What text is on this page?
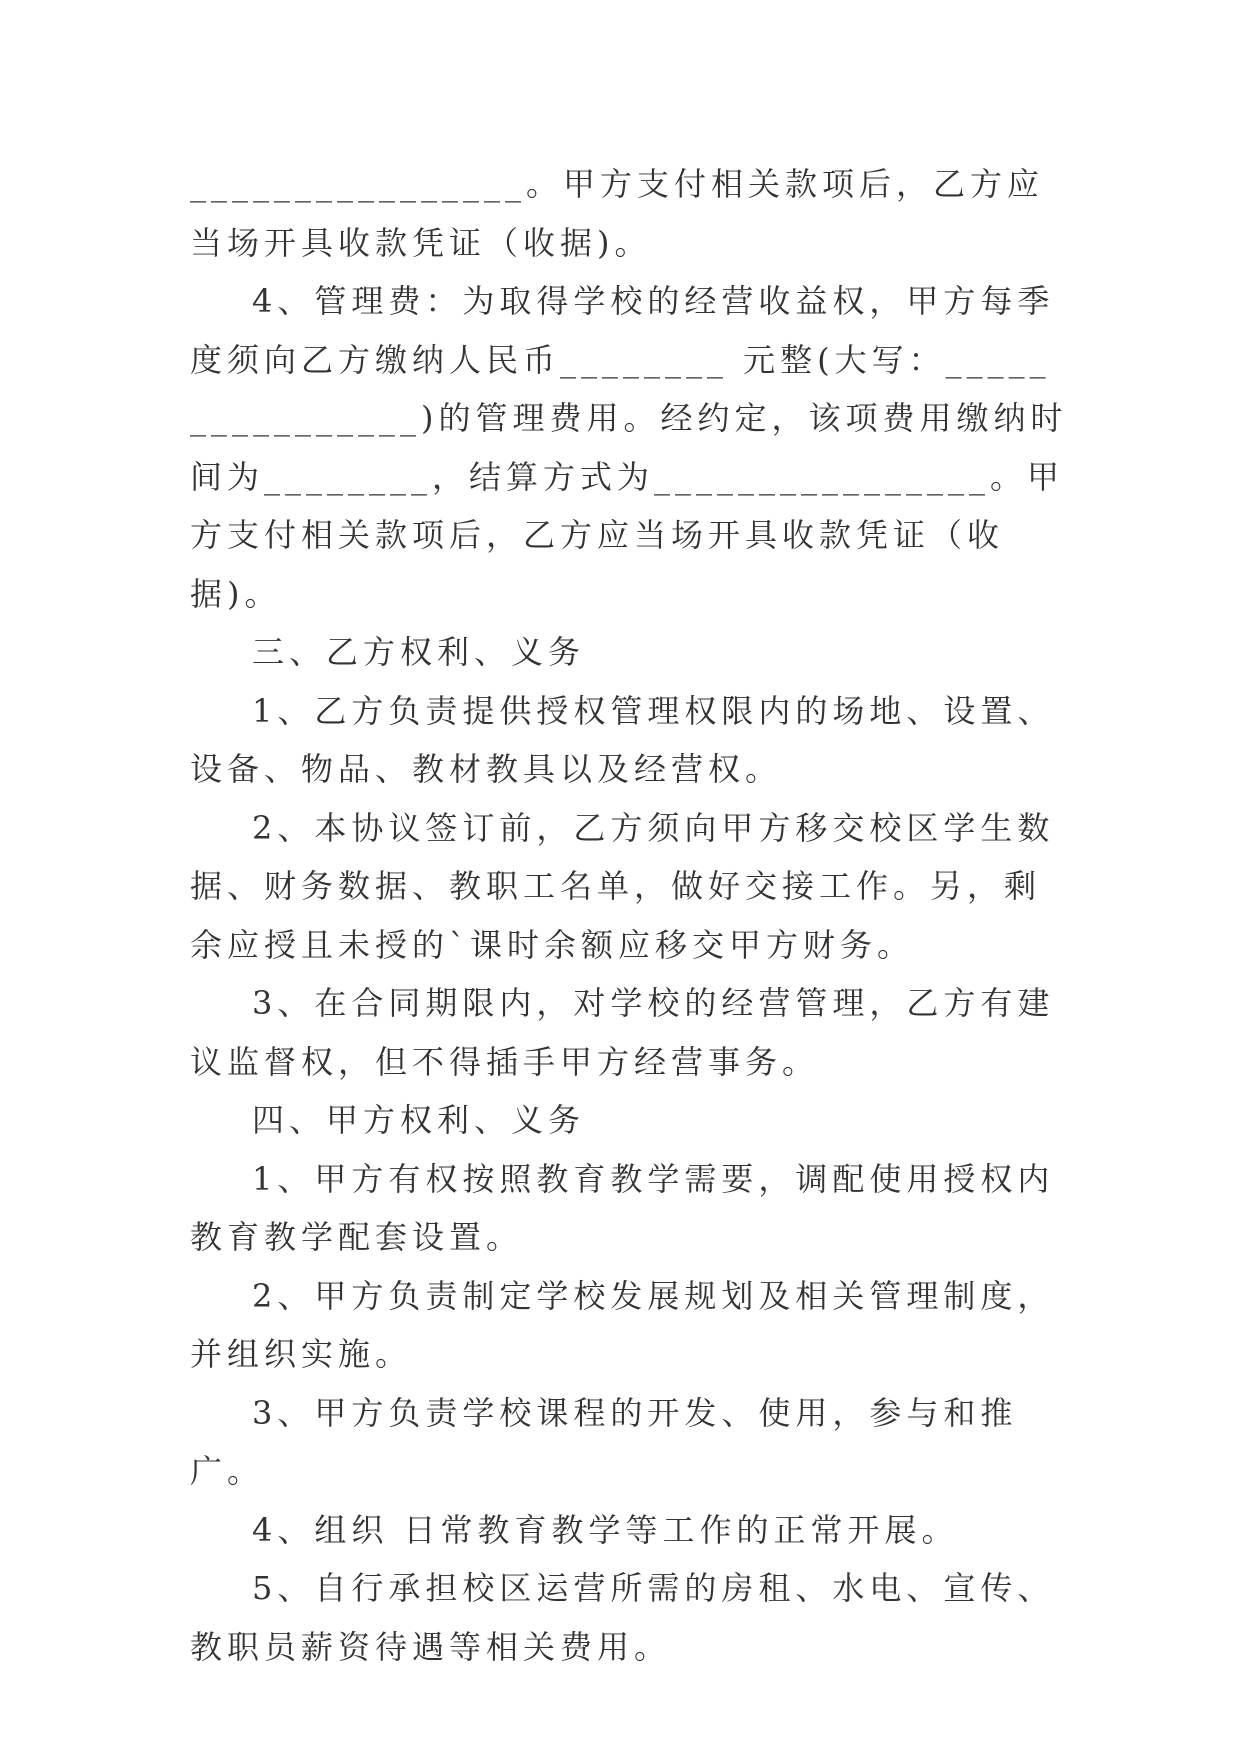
________________。甲方支付相关款项后，乙方应当场开具收款凭证（收据)。

4、管理费：为取得学校的经营收益权，甲方每季度须向乙方缴纳人民币________ 元整(大写：________________)的管理费用。经约定，该项费用缴纳时间为________，结算方式为________________。甲方支付相关款项后，乙方应当场开具收款凭证（收据)。

三、乙方权利、义务

1、乙方负责提供授权管理权限内的场地、设置、设备、物品、教材教具以及经营权。

2、本协议签订前，乙方须向甲方移交校区学生数据、财务数据、教职工名单，做好交接工作。另，剩余应授且未授的`课时余额应移交甲方财务。

3、在合同期限内，对学校的经营管理，乙方有建议监督权，但不得插手甲方经营事务。

四、甲方权利、义务

1、甲方有权按照教育教学需要，调配使用授权内教育教学配套设置。

2、甲方负责制定学校发展规划及相关管理制度，并组织实施。

3、甲方负责学校课程的开发、使用，参与和推广。

4、组织 日常教育教学等工作的正常开展。

5、自行承担校区运营所需的房租、水电、宣传、教职员薪资待遇等相关费用。
